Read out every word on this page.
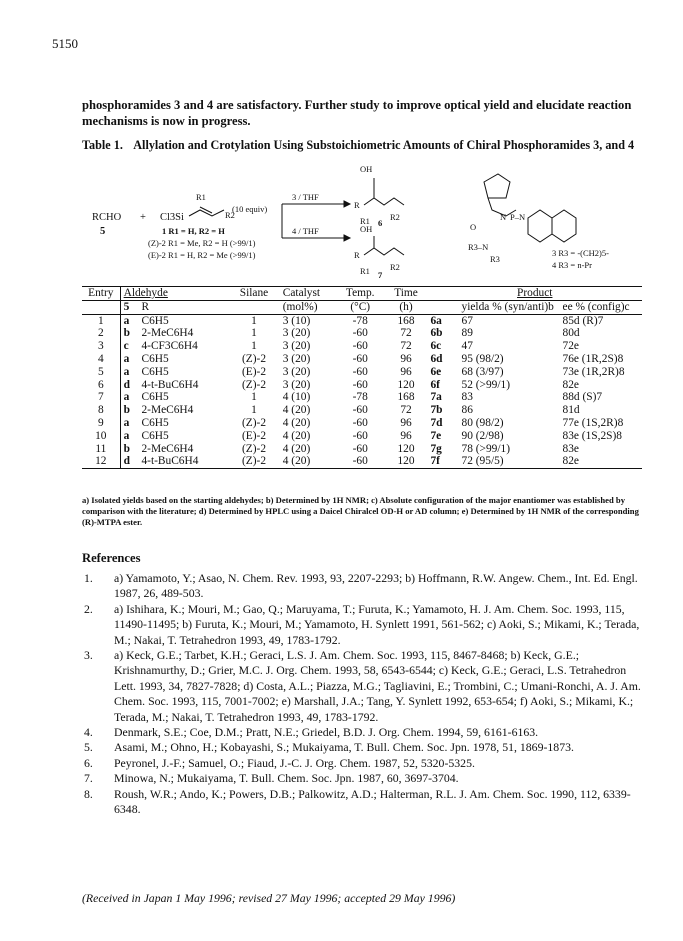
5150
phosphoramides 3 and 4 are satisfactory. Further study to improve optical yield and elucidate reaction mechanisms is now in progress.
Table 1. Allylation and Crotylation Using Substoichiometric Amounts of Chiral Phosphoramides 3, and 4
RCHO
5
+ Cl3Si
R1
R2
(10 equiv)
1 R1 = H, R2 = H
(Z)-2 R1 = Me, R2 = H (>99/1)
(E)-2 R1 = H, R2 = Me (>99/1)
3 / THF
4 / THF
OH
R
R1 R2
6
OH
R
R1 R2
7
N P–N
O
R3–N
R3
3 R3 = -(CH2)5-
4 R3 = n-Pr
Entry	Aldehyde		Silane	Catalyst	Temp.	Time	Product		
	5	R		(mol%)	(°C)	(h)		yielda % (syn/anti)b	ee % (config)c
1	a	C6H5	1	3 (10)	-78	168	6a	67	85d (R)7
2	b	2-MeC6H4	1	3 (20)	-60	72	6b	89	80d
3	c	4-CF3C6H4	1	3 (20)	-60	72	6c	47	72e
4	a	C6H5	(Z)-2	3 (20)	-60	96	6d	95 (98/2)	76e (1R,2S)8
5	a	C6H5	(E)-2	3 (20)	-60	96	6e	68 (3/97)	73e (1R,2R)8
6	d	4-t-BuC6H4	(Z)-2	3 (20)	-60	120	6f	52 (>99/1)	82e
7	a	C6H5	1	4 (10)	-78	168	7a	83	88d (S)7
8	b	2-MeC6H4	1	4 (20)	-60	72	7b	86	81d
9	a	C6H5	(Z)-2	4 (20)	-60	96	7d	80 (98/2)	77e (1S,2R)8
10	a	C6H5	(E)-2	4 (20)	-60	96	7e	90 (2/98)	83e (1S,2S)8
11	b	2-MeC6H4	(Z)-2	4 (20)	-60	120	7g	78 (>99/1)	83e
12	d	4-t-BuC6H4	(Z)-2	4 (20)	-60	120	7f	72 (95/5)	82e
a) Isolated yields based on the starting aldehydes; b) Determined by 1H NMR; c) Absolute configuration of the major enantiomer was established by comparison with the literature; d) Determined by HPLC using a Daicel Chiralcel OD-H or AD column; e) Determined by 1H NMR of the corresponding (R)-MTPA ester.
References
1.	a) Yamamoto, Y.; Asao, N. Chem. Rev. 1993, 93, 2207-2293; b) Hoffmann, R.W. Angew. Chem., Int. Ed. Engl. 1987, 26, 489-503.
2.	a) Ishihara, K.; Mouri, M.; Gao, Q.; Maruyama, T.; Furuta, K.; Yamamoto, H. J. Am. Chem. Soc. 1993, 115, 11490-11495; b) Furuta, K.; Mouri, M.; Yamamoto, H. Synlett 1991, 561-562; c) Aoki, S.; Mikami, K.; Terada, M.; Nakai, T. Tetrahedron 1993, 49, 1783-1792.
3.	a) Keck, G.E.; Tarbet, K.H.; Geraci, L.S. J. Am. Chem. Soc. 1993, 115, 8467-8468; b) Keck, G.E.; Krishnamurthy, D.; Grier, M.C. J. Org. Chem. 1993, 58, 6543-6544; c) Keck, G.E.; Geraci, L.S. Tetrahedron Lett. 1993, 34, 7827-7828; d) Costa, A.L.; Piazza, M.G.; Tagliavini, E.; Trombini, C.; Umani-Ronchi, A. J. Am. Chem. Soc. 1993, 115, 7001-7002; e) Marshall, J.A.; Tang, Y. Synlett 1992, 653-654; f) Aoki, S.; Mikami, K.; Terada, M.; Nakai, T. Tetrahedron 1993, 49, 1783-1792.
4.	Denmark, S.E.; Coe, D.M.; Pratt, N.E.; Griedel, B.D. J. Org. Chem. 1994, 59, 6161-6163.
5.	Asami, M.; Ohno, H.; Kobayashi, S.; Mukaiyama, T. Bull. Chem. Soc. Jpn. 1978, 51, 1869-1873.
6.	Peyronel, J.-F.; Samuel, O.; Fiaud, J.-C. J. Org. Chem. 1987, 52, 5320-5325.
7.	Minowa, N.; Mukaiyama, T. Bull. Chem. Soc. Jpn. 1987, 60, 3697-3704.
8.	Roush, W.R.; Ando, K.; Powers, D.B.; Palkowitz, A.D.; Halterman, R.L. J. Am. Chem. Soc. 1990, 112, 6339-6348.
(Received in Japan 1 May 1996; revised 27 May 1996; accepted 29 May 1996)
